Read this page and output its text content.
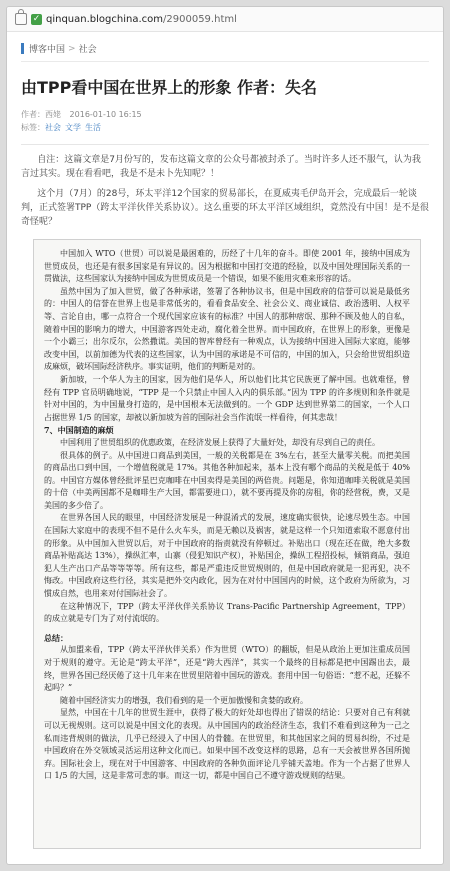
✓ qinquan.blogchina.com/2900059.html
博客中国 > 社会
由TPP看中国在世界上的形象 作者：失名
作者：西姥 2016-01-10 16:15
标签：社会 文学 生活

自注：这篇文章是7月份写的，发布这篇文章的公众号都被封杀了。当时许多人还不服气，认为我言过其实。现在看看吧，我是不是未卜先知呢？！

这个月（7月）的28号，环太平洋12个国家的贸易部长，在夏威夷毛伊岛开会，完成最后一轮谈判，正式签署TPP（跨太平洋伙伴关系协议）。这么重要的环太平洋区域组织，竟然没有中国！是不是很奇怪呢？

中国加入 WTO（世贸）可以说是最困难的，历经了十几年的奋斗。即使 2001 年，接纳中国成为世贸成员，也还是有很多国家是有异议的。因为根据和中国打交道的经验，以及中国处理国际关系的一贯做法，这些国家认为接纳中国成为世贸成员是一个错误，如果不能用灾难来形容的话。

虽然中国为了加入世贸，做了各种承诺，签署了各种协议书，但是中国政府的信誉可以说是最低劣的：中国人的信誉在世界上也是非常低劣的，看看食品安全、社会公义、商业诚信、政治透明、人权平等、言论自由，哪一点符合一个现代国家应该有的标准？中国人的那种痞氓、那种不顾及他人的自私，随着中国的影响力的增大，中国游客四处走动，腐化着全世界。而中国政府，在世界上的形象，更像是一个小霸三；出尔反尔，公然撒谎。美国的智库曾经有一种观点，认为接纳中国进入国际大家庭，能够改变中国，以前加德为代表的这些国家，认为中国的承诺是不可信的，中国的加入，只会给世贸组织造成麻烦，破坏国际经济秩序。事实证明，他们的判断是对的。

新加坡，一个华人为主的国家，因为他们是华人，所以他们比其它民族更了解中国。也就难怪，曾经有 TPP 官员明确地说，“TPP 是一个只禁止中国人入内的俱乐部。”因为 TPP 的许多规则和条件就是针对中国的，为中国量身打造的，是中国根本无法做到的。一个 GDP 达到世界第二的国家，一个人口占据世界 1/5 的国家，却被以新加坡为首的国际社会当作流氓一样看待，何其悲哉！

7、中国制造的麻烦

中国利用了世贸组织的优惠政策，在经济发展上获得了大量好处，却没有尽到自己的责任。

很具体的例子。从中国进口商品到美国，一般的关税都是在 3%左右，甚至大量零关税。而把美国的商品出口到中国，一个增值税就是 17%。其他各种加起来，基本上没有哪个商品的关税是低于 40%的。中国官方媒体曾经批评星巴克咖啡在中国卖得是美国的两倍贵。问题是，你知道咖啡关税就是美国的十倍（中美两国都不是咖啡生产大国，都需要进口），就不要再提及你的房租，你的经营税，费，又是美国的多少倍了。

在世界各国人民的眼里，中国经济发展是一种混淆式的发展，速度确实很快，论速尽毁生态。中国在国际大家庭中的表现不但不是什么火车头，而是无赖以及祸害，就是这样一个只知道索取不愿意付出的形象。从中国加入世贸以后，对于中国政府的指责就没有停顿过。补贴出口（现在还在做，绝大多数商品补贴高达 13%），操纵汇率，山寨（侵犯知识产权），补贴国企，操纵工程招投标，倾销商品，强迫犯人生产出口产品等等等等。所有这些，都是严重违反世贸规则的，但是中国政府就是一犯再犯，决不悔改。中国政府这些行径，其实是把外交内政化，因为在对付中国国内的时候，这个政府为所欲为，习惯成自然，也用来对付国际社会了。

在这种情况下，TPP（跨太平洋伙伴关系协议 Trans-Pacific Partnership Agreement，TPP）的成立就是专门为了对付流氓的。

总结：

从加盟来看，TPP（跨太平洋伙伴关系）作为世贸（WTO）的翻版，但是从政治上更加注重成员国对于规则的遵守。无论是“跨太平洋”，还是“跨大西洋”，其实一个最终的目标都是把中国踢出去，最终，世界各国已经厌倦了这十几年来在世贸里陪着中国玩的游戏。套用中国一句俗语：“惹不起，还躲不起吗？”

随着中国经济实力的增强，我们看到的是一个更加傲慢和贪婪的政府。

显然，中国在十几年的世贸生涯中，获得了极大的好处却也得出了错误的结论：只要对自己有利就可以无视规则。这可以说是中国文化的表现。从中国国内的政治经济生态，我们不难看到这种为一己之私而违背规则的做法，几乎已经浸入了中国人的骨髓。在世贸里，和其他国家之间的贸易纠纷，不过是中国政府在外交领域灵活运用这种文化而已。如果中国不改变这样的思路，总有一天会被世界各国所抛弃。国际社会上，现在对于中国游客、中国政府的各种负面评论几乎铺天盖地。作为一个占据了世界人口 1/5 的大国，这是非常可悲的事。而这一切，都是中国自己不遵守游戏规则的结果。
